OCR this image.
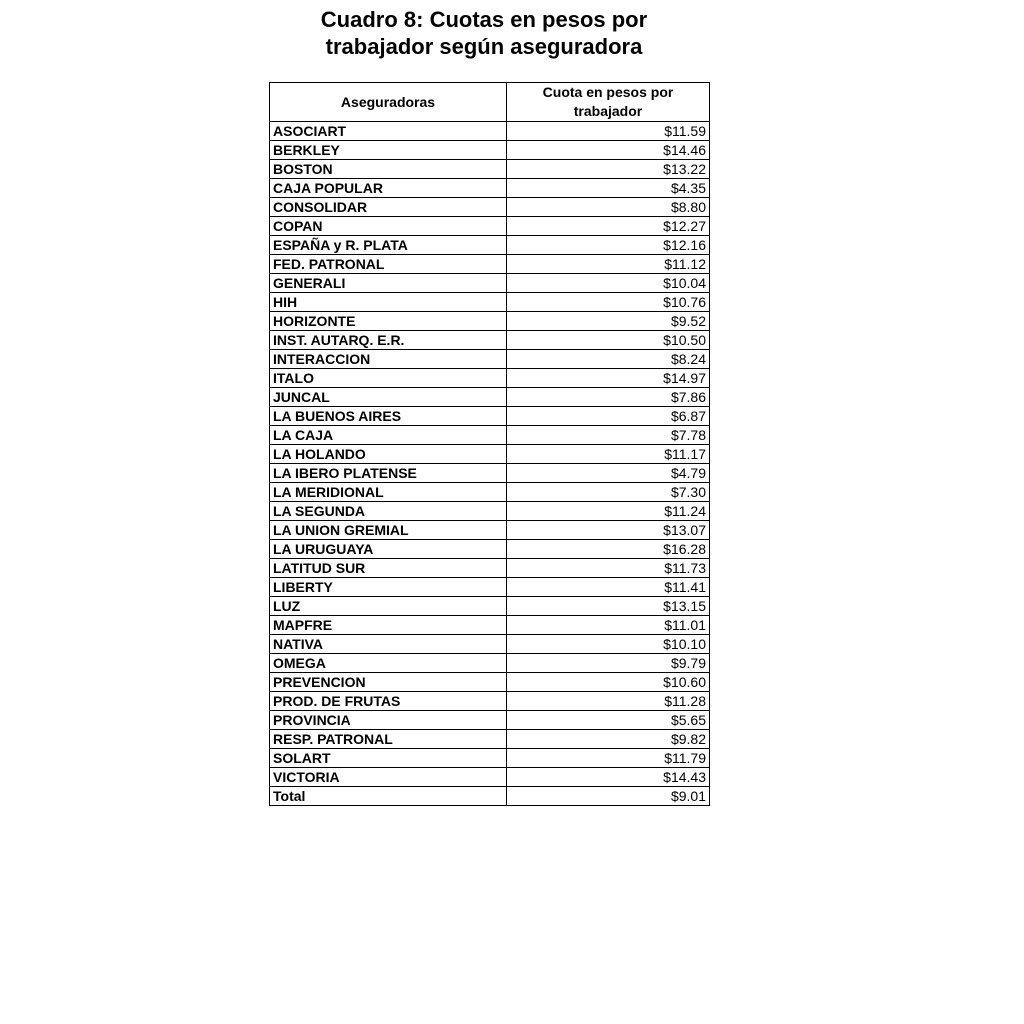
Cuadro 8: Cuotas en pesos por
trabajador según aseguradora
Aseguradoras	Cuota en pesos por trabajador
ASOCIART	$11.59
BERKLEY	$14.46
BOSTON	$13.22
CAJA POPULAR	$4.35
CONSOLIDAR	$8.80
COPAN	$12.27
ESPAÑA y R. PLATA	$12.16
FED. PATRONAL	$11.12
GENERALI	$10.04
HIH	$10.76
HORIZONTE	$9.52
INST. AUTARQ. E.R.	$10.50
INTERACCION	$8.24
ITALO	$14.97
JUNCAL	$7.86
LA BUENOS AIRES	$6.87
LA CAJA	$7.78
LA HOLANDO	$11.17
LA IBERO PLATENSE	$4.79
LA MERIDIONAL	$7.30
LA SEGUNDA	$11.24
LA UNION GREMIAL	$13.07
LA URUGUAYA	$16.28
LATITUD SUR	$11.73
LIBERTY	$11.41
LUZ	$13.15
MAPFRE	$11.01
NATIVA	$10.10
OMEGA	$9.79
PREVENCION	$10.60
PROD. DE FRUTAS	$11.28
PROVINCIA	$5.65
RESP. PATRONAL	$9.82
SOLART	$11.79
VICTORIA	$14.43
Total	$9.01
